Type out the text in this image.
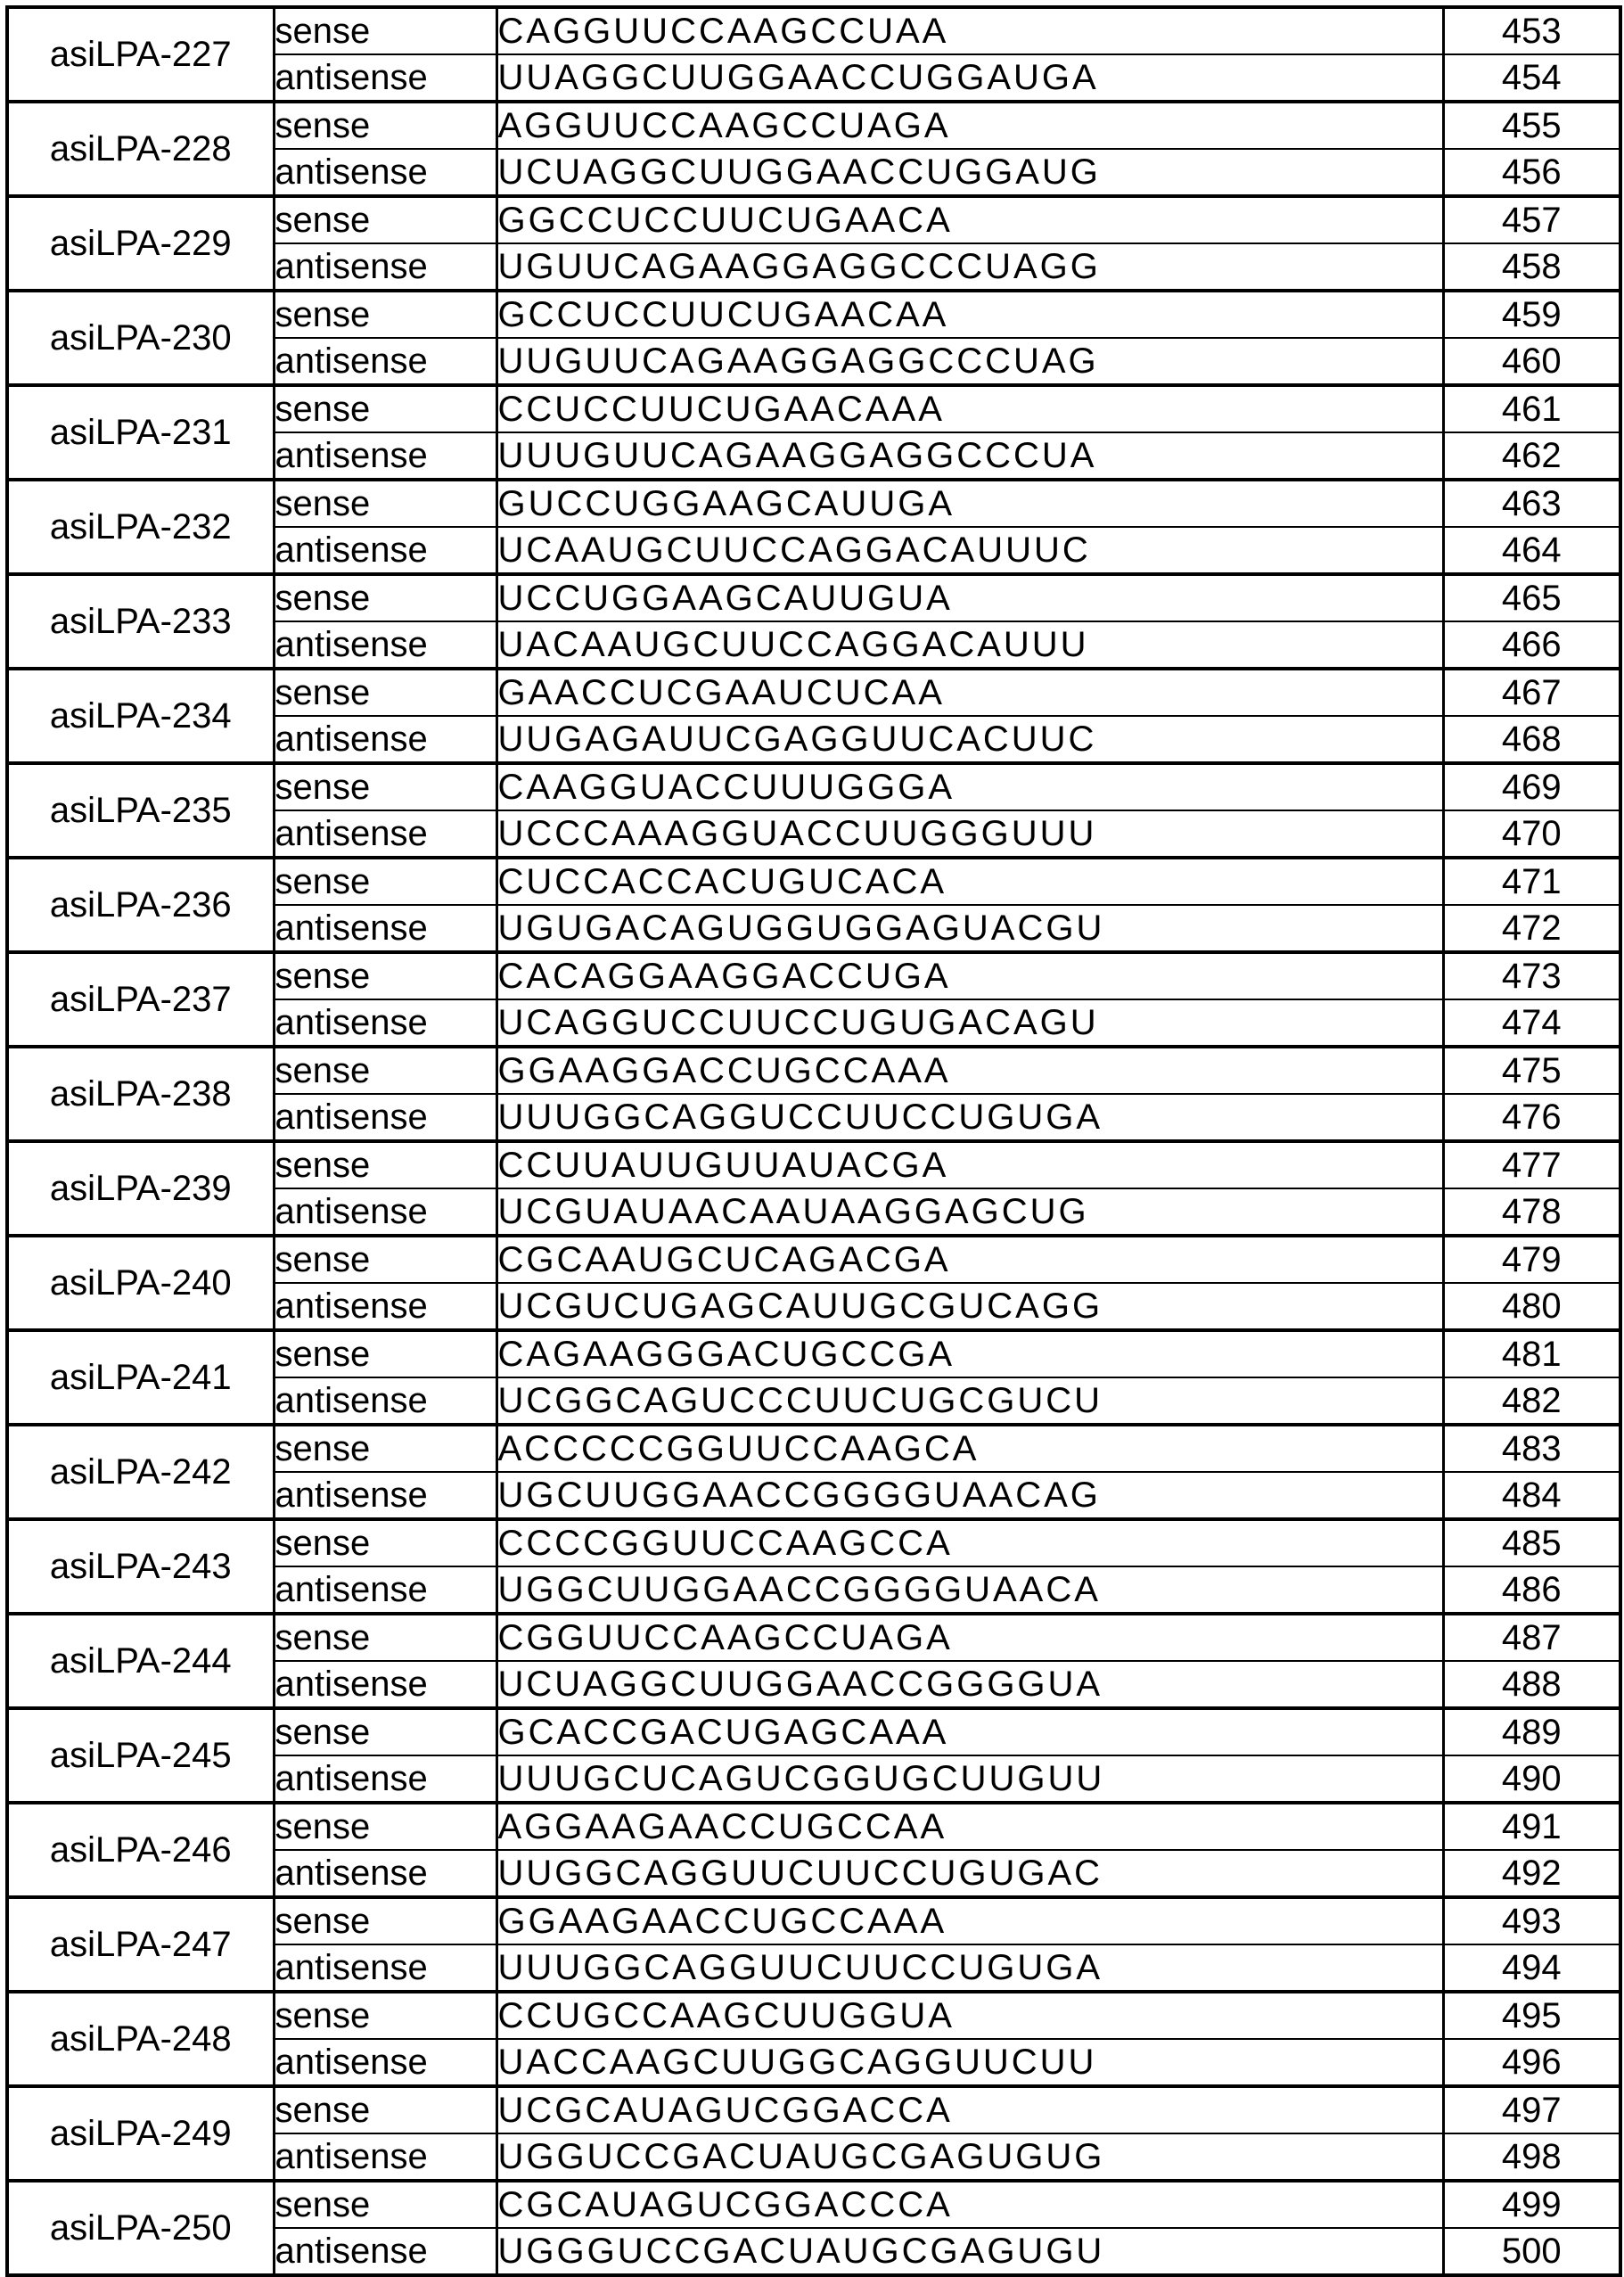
asiLPA-227	sense	CAGGUUCCAAGCCUAA	453
	antisense	UUAGGCUUGGAACCUGGAUGA	454
asiLPA-228	sense	AGGUUCCAAGCCUAGA	455
	antisense	UCUAGGCUUGGAACCUGGAUG	456
asiLPA-229	sense	GGCCUCCUUCUGAACA	457
	antisense	UGUUCAGAAGGAGGCCCUAGG	458
asiLPA-230	sense	GCCUCCUUCUGAACAA	459
	antisense	UUGUUCAGAAGGAGGCCCUAG	460
asiLPA-231	sense	CCUCCUUCUGAACAAA	461
	antisense	UUUGUUCAGAAGGAGGCCCUA	462
asiLPA-232	sense	GUCCUGGAAGCAUUGA	463
	antisense	UCAAUGCUUCCAGGACAUUUC	464
asiLPA-233	sense	UCCUGGAAGCAUUGUA	465
	antisense	UACAAUGCUUCCAGGACAUUU	466
asiLPA-234	sense	GAACCUCGAAUCUCAA	467
	antisense	UUGAGAUUCGAGGUUCACUUC	468
asiLPA-235	sense	CAAGGUACCUUUGGGA	469
	antisense	UCCCAAAGGUACCUUGGGUUU	470
asiLPA-236	sense	CUCCACCACUGUCACA	471
	antisense	UGUGACAGUGGUGGAGUACGU	472
asiLPA-237	sense	CACAGGAAGGACCUGA	473
	antisense	UCAGGUCCUUCCUGUGACAGU	474
asiLPA-238	sense	GGAAGGACCUGCCAAA	475
	antisense	UUUGGCAGGUCCUUCCUGUGA	476
asiLPA-239	sense	CCUUAUUGUUAUACGA	477
	antisense	UCGUAUAACAAUAAGGAGCUG	478
asiLPA-240	sense	CGCAAUGCUCAGACGA	479
	antisense	UCGUCUGAGCAUUGCGUCAGG	480
asiLPA-241	sense	CAGAAGGGACUGCCGA	481
	antisense	UCGGCAGUCCCUUCUGCGUCU	482
asiLPA-242	sense	ACCCCCGGUUCCAAGCA	483
	antisense	UGCUUGGAACCGGGGUAACAG	484
asiLPA-243	sense	CCCCGGUUCCAAGCCA	485
	antisense	UGGCUUGGAACCGGGGUAACA	486
asiLPA-244	sense	CGGUUCCAAGCCUAGA	487
	antisense	UCUAGGCUUGGAACCGGGGUA	488
asiLPA-245	sense	GCACCGACUGAGCAAA	489
	antisense	UUUGCUCAGUCGGUGCUUGUU	490
asiLPA-246	sense	AGGAAGAACCUGCCAA	491
	antisense	UUGGCAGGUUCUUCCUGUGAC	492
asiLPA-247	sense	GGAAGAACCUGCCAAA	493
	antisense	UUUGGCAGGUUCUUCCUGUGA	494
asiLPA-248	sense	CCUGCCAAGCUUGGUA	495
	antisense	UACCAAGCUUGGCAGGUUCUU	496
asiLPA-249	sense	UCGCAUAGUCGGACCA	497
	antisense	UGGUCCGACUAUGCGAGUGUG	498
asiLPA-250	sense	CGCAUAGUCGGACCCA	499
	antisense	UGGGUCCGACUAUGCGAGUGU	500
